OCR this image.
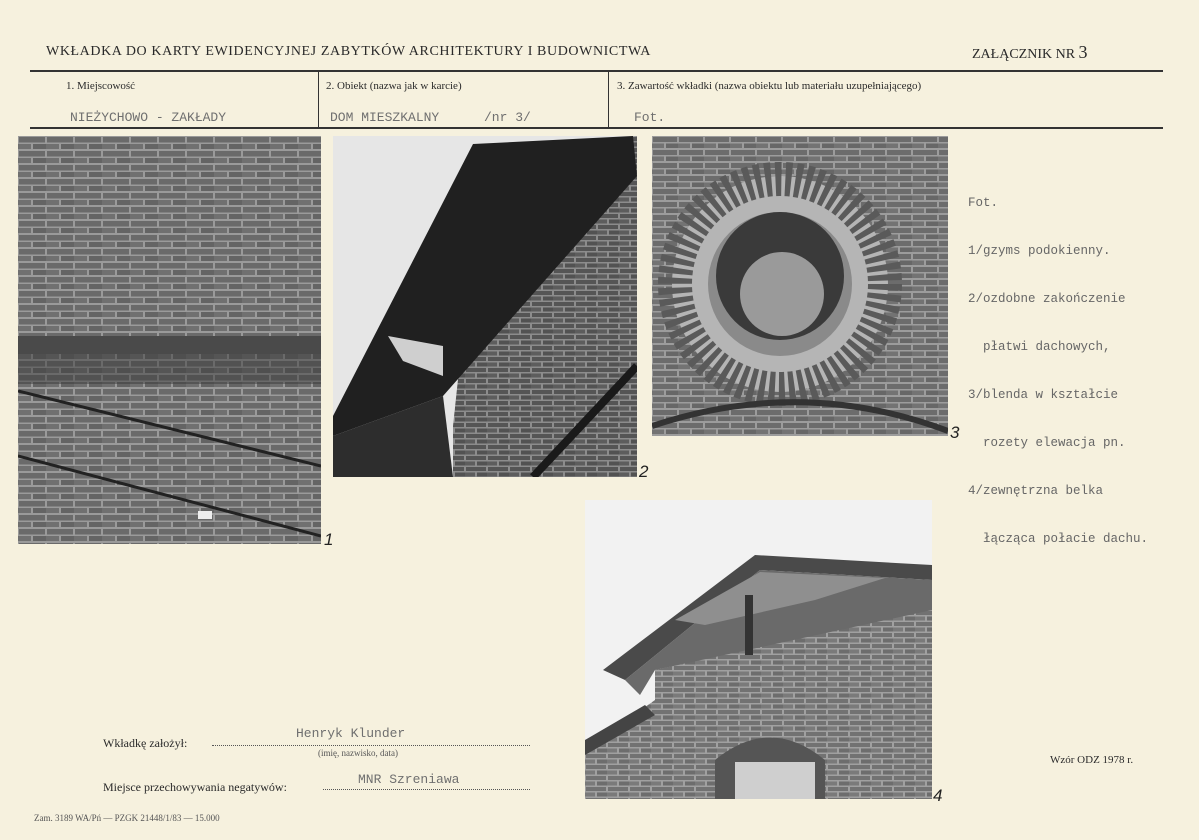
WKŁADKA DO KARTY EWIDENCYJNEJ ZABYTKÓW ARCHITEKTURY I BUDOWNICTWA	ZAŁĄCZNIK NR 3
1. Miejscowość
NIEŻYCHOWO - ZAKŁADY
2. Obiekt (nazwa jak w karcie)
DOM MIESZKALNY	/nr 3/
3. Zawartość wkładki (nazwa obiektu lub materiału uzupełniającego)
Fot.
1
2
3

Fot.

1/gzyms podokienny.

2/ozdobne zakończenie

płatwi dachowych,

3/blenda w kształcie

rozety elewacja pn.

4/zewnętrzna belka

łącząca połacie dachu.

4
Wkładkę założył:
Henryk Klunder
(imię, nazwisko, data)
Miejsce przechowywania negatywów:	MNR Szreniawa
Zam. 3189 WA/Pń — PZGK 21448/1/83 — 15.000
Wzór ODZ 1978 r.
